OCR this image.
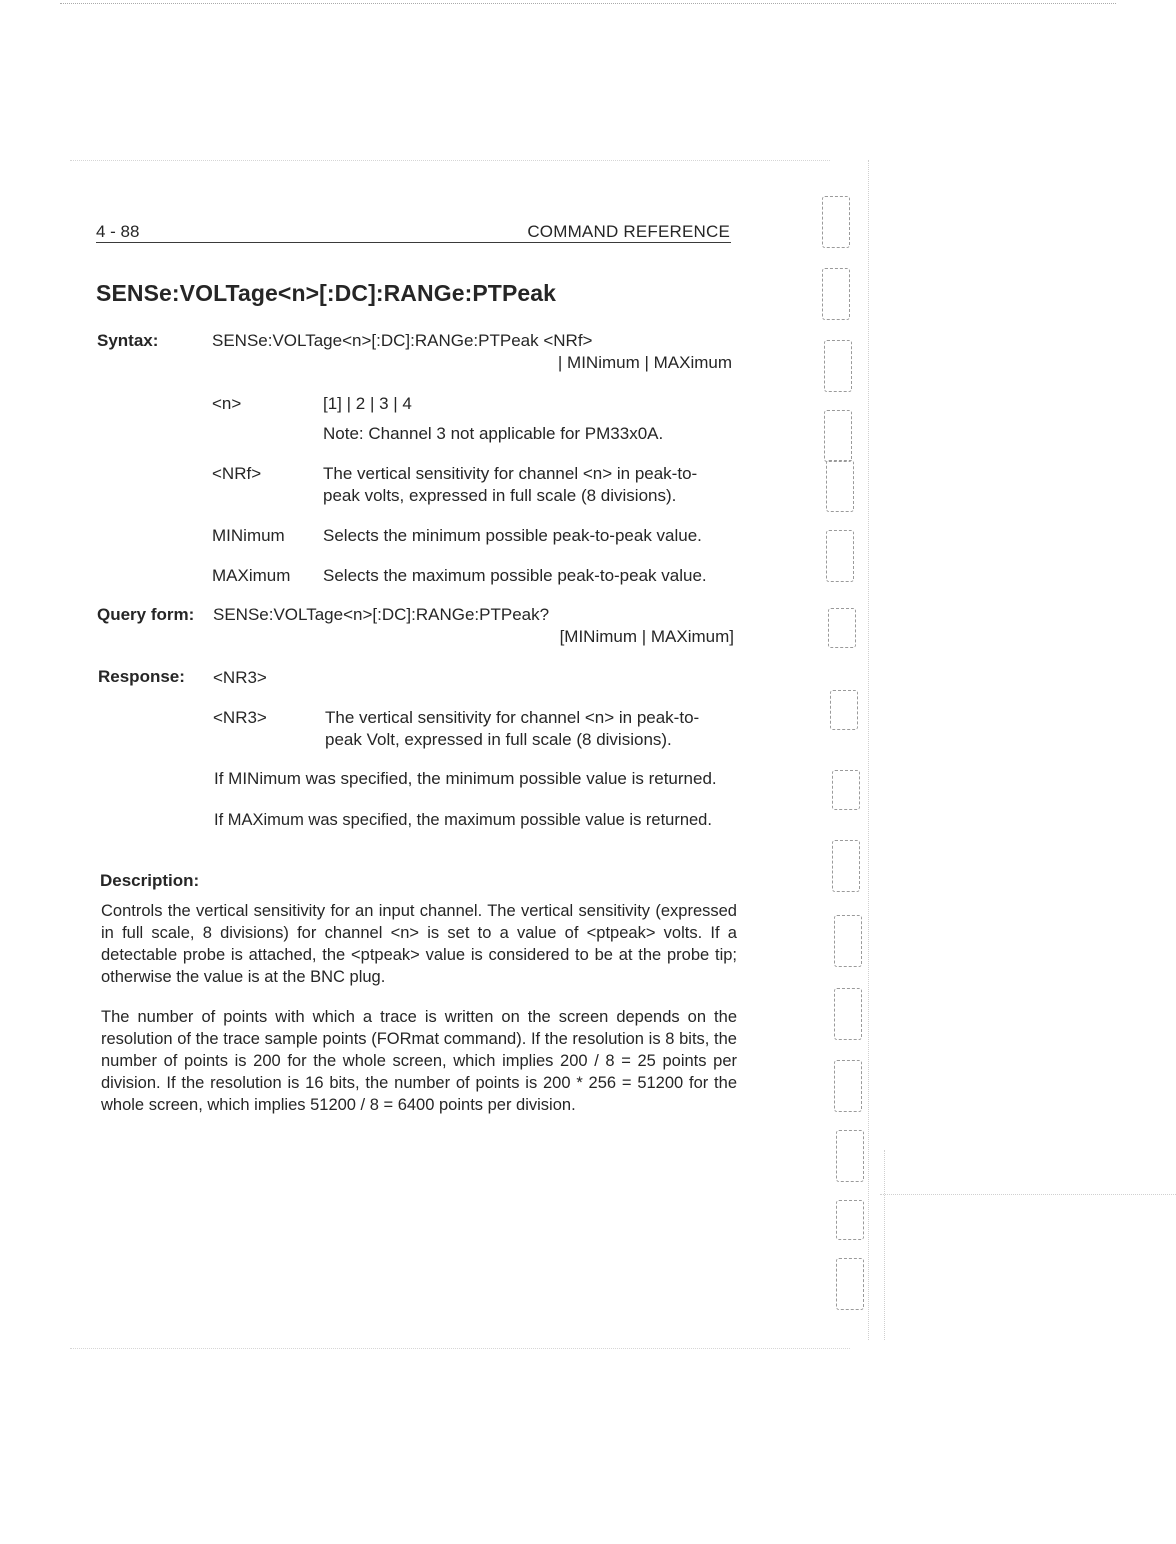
4 - 88	COMMAND REFERENCE
SENSe:VOLTage<n>[:DC]:RANGe:PTPeak
Syntax:	SENSe:VOLTage<n>[:DC]:RANGe:PTPeak <NRf>
| MINimum | MAXimum
<n>	[1] | 2 | 3 | 4
Note: Channel 3 not applicable for PM33x0A.
<NRf>	The vertical sensitivity for channel <n> in peak-to-
peak volts, expressed in full scale (8 divisions).
MINimum Selects the minimum possible peak-to-peak value.
MAXimum Selects the maximum possible peak-to-peak value.
Query form: SENSe:VOLTage<n>[:DC]:RANGe:PTPeak?
[MINimum | MAXimum]
Response: <NR3>
<NR3>	The vertical sensitivity for channel <n> in peak-to-
peak Volt, expressed in full scale (8 divisions).
If MINimum was specified, the minimum possible value is returned.
If MAXimum was specified, the maximum possible value is returned.
Description:
Controls the vertical sensitivity for an input channel. The vertical sensitivity (expressed in full scale, 8 divisions) for channel <n> is set to a value of <ptpeak> volts. If a detectable probe is attached, the <ptpeak> value is considered to be at the probe tip; otherwise the value is at the BNC plug.
The number of points with which a trace is written on the screen depends on the resolution of the trace sample points (FORmat command). If the resolution is 8 bits, the number of points is 200 for the whole screen, which implies 200 / 8 = 25 points per division. If the resolution is 16 bits, the number of points is 200 * 256 = 51200 for the whole screen, which implies 51200 / 8 = 6400 points per division.
